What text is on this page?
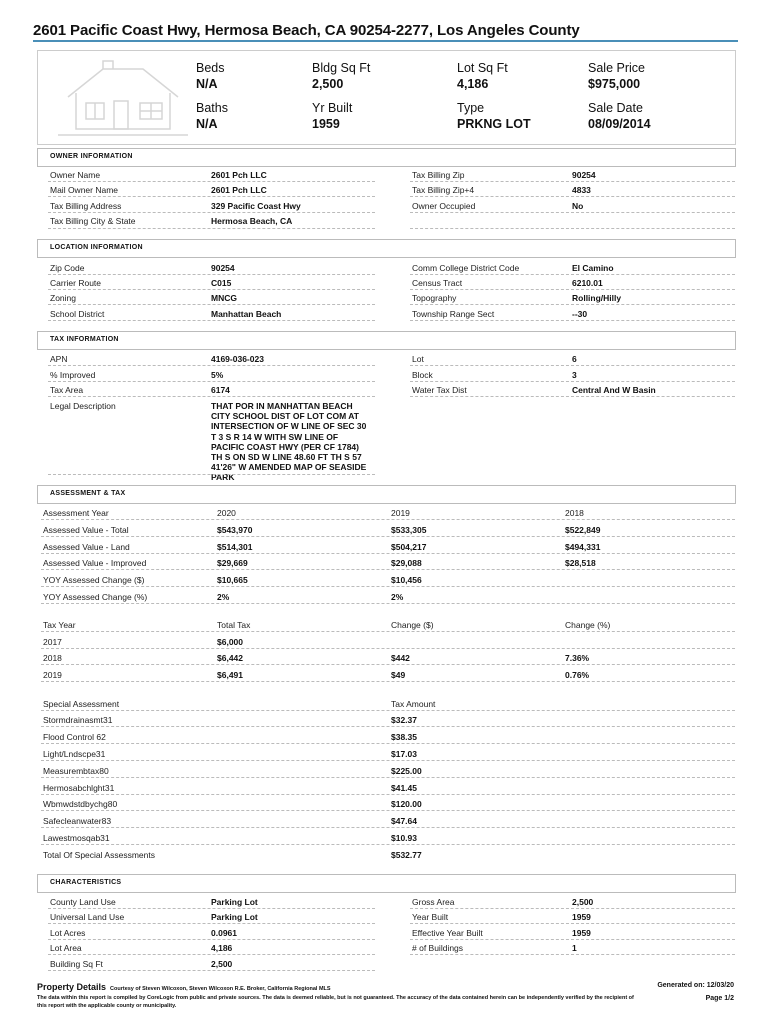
2601 Pacific Coast Hwy, Hermosa Beach, CA 90254-2277, Los Angeles County
Beds
N/A
Bldg Sq Ft
2,500
Lot Sq Ft
4,186
Sale Price
$975,000
Baths
N/A
Yr Built
1959
Type
PRKNG LOT
Sale Date
08/09/2014
OWNER INFORMATION
Owner Name	2601 Pch LLC
Mail Owner Name	2601 Pch LLC
Tax Billing Address	329 Pacific Coast Hwy
Tax Billing City & State	Hermosa Beach, CA
Tax Billing Zip	90254
Tax Billing Zip+4	4833
Owner Occupied	No
LOCATION INFORMATION
Zip Code	90254
Carrier Route	C015
Zoning	MNCG
School District	Manhattan Beach
Comm College District Code	El Camino
Census Tract	6210.01
Topography	Rolling/Hilly
Township Range Sect	--30
TAX INFORMATION
APN	4169-036-023
% Improved	5%
Tax Area	6174
Legal Description	THAT POR IN MANHATTAN BEACH CITY SCHOOL DIST OF LOT COM AT INTERSECTION OF W LINE OF SEC 30 T 3 S R 14 W WITH SW LINE OF PACIFIC COAST HWY (PER CF 1784) TH S ON SD W LINE 48.60 FT TH S 57 41'26" W AMENDED MAP OF SEASIDE PARK
Lot	6
Block	3
Water Tax Dist	Central And W Basin
ASSESSMENT & TAX
Assessment Year	2020	2019	2018
Assessed Value - Total	$543,970	$533,305	$522,849
Assessed Value - Land	$514,301	$504,217	$494,331
Assessed Value - Improved	$29,669	$29,088	$28,518
YOY Assessed Change ($)	$10,665	$10,456
YOY Assessed Change (%)	2%	2%
Tax Year	Total Tax	Change ($)	Change (%)
2017	$6,000
2018	$6,442	$442	7.36%
2019	$6,491	$49	0.76%
Special Assessment	Tax Amount
Stormdrainasmt31	$32.37
Flood Control 62	$38.35
Light/Lndscpe31	$17.03
Measurembtax80	$225.00
Hermosabchlght31	$41.45
Wbmwdstdbychg80	$120.00
Safecleanwater83	$47.64
Lawestmosqab31	$10.93
Total Of Special Assessments	$532.77
CHARACTERISTICS
County Land Use	Parking Lot
Universal Land Use	Parking Lot
Lot Acres	0.0961
Lot Area	4,186
Building Sq Ft	2,500
Gross Area	2,500
Year Built	1959
Effective Year Built	1959
# of Buildings	1
Property Details Courtesy of Steven Wilcoxon, Steven Wilcoxon R.E. Broker, California Regional MLS	Generated on: 12/03/20
The data within this report is compiled by CoreLogic from public and private sources. The data is deemed reliable, but is not guaranteed. The accuracy of the data contained herein can be independently verified by the recipient of this report with the applicable county or municipality.
Page 1/2
